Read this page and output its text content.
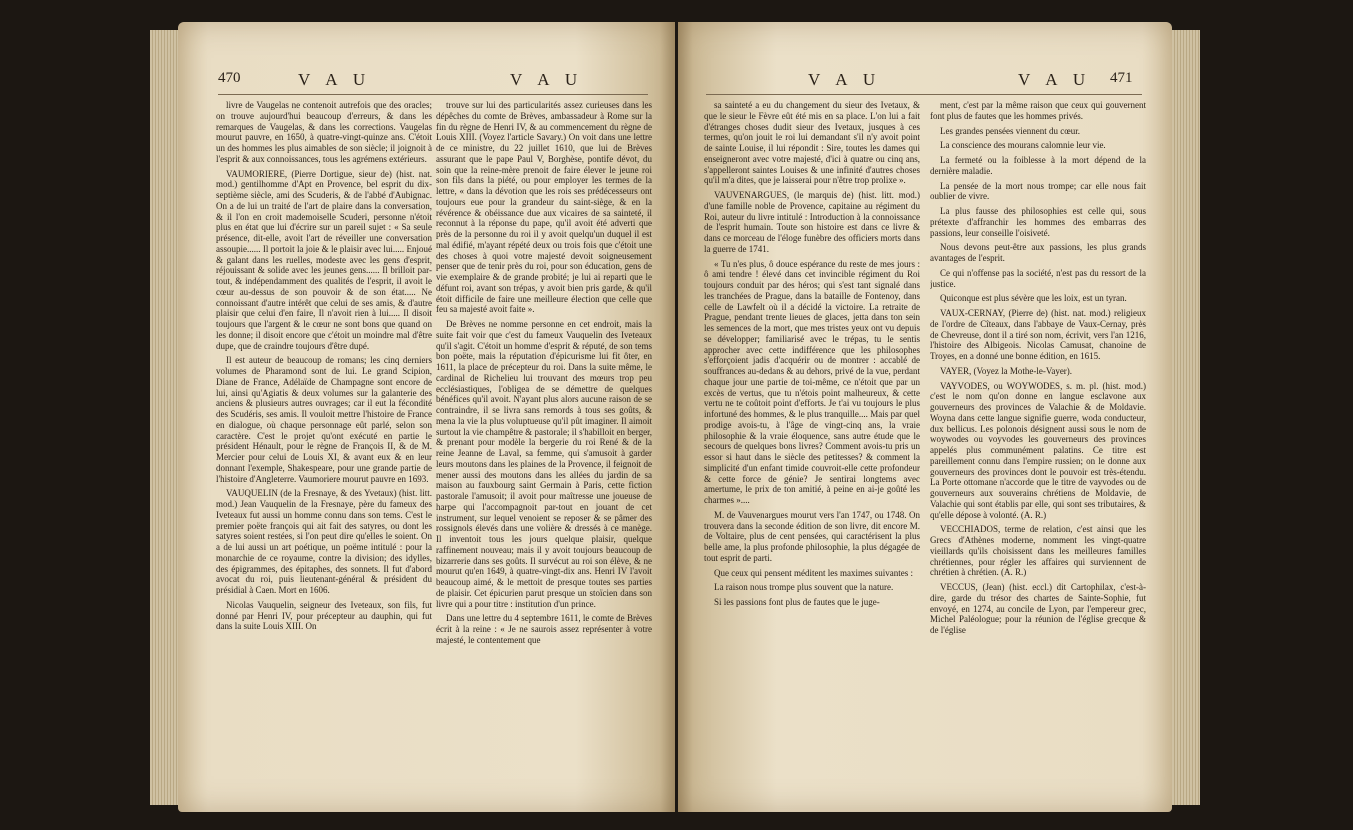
470	V A U	V A U

livre de Vaugelas ne contenoit autrefois que des oracles; on trouve aujourd'hui beaucoup d'erreurs, & dans les remarques de Vaugelas, & dans les corrections. Vaugelas mourut pauvre, en 1650, à quatre-vingt-quinze ans. C'étoit un des hommes les plus aimables de son siècle; il joignoit à l'esprit & aux connoissances, tous les agrémens extérieurs.

VAUMORIERE, (Pierre Dortigue, sieur de) (hist. nat. mod.) gentilhomme d'Apt en Provence, bel esprit du dix-septième siècle, ami des Scuderis, & de l'abbé d'Aubignac. On a de lui un traité de l'art de plaire dans la conversation, & il l'on en croit mademoiselle Scuderi, personne n'étoit plus en état que lui d'écrire sur un pareil sujet : « Sa seule présence, dit-elle, avoit l'art de réveiller une conversation assoupie...... Il portoit la joie & le plaisir avec lui..... Enjoué & galant dans les ruelles, modeste avec les gens d'esprit, réjouissant & solide avec les jeunes gens...... Il brilloit par-tout, & indépendamment des qualités de l'esprit, il avoit le cœur au-dessus de son pouvoir & de son état..... Ne connoissant d'autre intérêt que celui de ses amis, & d'autre plaisir que celui d'en faire, Il n'avoit rien à lui..... Il disoit toujours que l'argent & le cœur ne sont bons que quand on les donne; il disoit encore que c'étoit un moindre mal d'être dupe, que de craindre toujours d'être dupé.

Il est auteur de beaucoup de romans; les cinq derniers volumes de Pharamond sont de lui. Le grand Scipion, Diane de France, Adélaïde de Champagne sont encore de lui, ainsi qu'Agiatis & deux volumes sur la galanterie des anciens & plusieurs autres ouvrages; car il eut la fécondité des Scudéris, ses amis. Il vouloit mettre l'histoire de France en dialogue, où chaque personnage eût parlé, selon son caractère. C'est le projet qu'ont exécuté en partie le président Hénault, pour le règne de François II, & de M. Mercier pour celui de Louis XI, & avant eux & en leur donnant l'exemple, Shakespeare, pour une grande partie de l'histoire d'Angleterre. Vaumoriere mourut pauvre en 1693.

VAUQUELIN (de la Fresnaye, & des Yvetaux) (hist. litt. mod.) Jean Vauquelin de la Fresnaye, père du fameux des Iveteaux fut aussi un homme connu dans son tems. C'est le premier poëte françois qui ait fait des satyres, ou dont les satyres soient restées, si l'on peut dire qu'elles le soient. On a de lui aussi un art poétique, un poëme intitulé : pour la monarchie de ce royaume, contre la division; des idylles, des épigrammes, des épitaphes, des sonnets. Il fut d'abord avocat du roi, puis lieutenant-général & président du présidial à Caen. Mort en 1606.

Nicolas Vauquelin, seigneur des Iveteaux, son fils, fut donné par Henri IV, pour précepteur au dauphin, qui fut dans la suite Louis XIII. On

trouve sur lui des particularités assez curieuses dans les dépêches du comte de Brèves, ambassadeur à Rome sur la fin du règne de Henri IV, & au commencement du règne de Louis XIII. (Voyez l'article Savary.) On voit dans une lettre de ce ministre, du 22 juillet 1610, que lui de Brèves assurant que le pape Paul V, Borghèse, pontife dévot, du soin que la reine-mère prenoit de faire élever le jeune roi son fils dans la piété, ou pour employer les termes de la lettre, « dans la dévotion que les rois ses prédécesseurs ont toujours eue pour la grandeur du saint-siège, & en la révérence & obéissance due aux vicaires de sa sainteté, il reconnut à la réponse du pape, qu'il avoit été adverti que près de la personne du roi il y avoit quelqu'un duquel il est mal édifié, m'ayant répété deux ou trois fois que c'étoit une des choses à quoi votre majesté devoit soigneusement penser que de tenir près du roi, pour son éducation, gens de vie exemplaire & de grande probité; je lui ai reparti que le défunt roi, avant son trépas, y avoit bien pris garde, & qu'il étoit difficile de faire une meilleure élection que celle que feu sa majesté avoit faite ».

De Brèves ne nomme personne en cet endroit, mais la suite fait voir que c'est du fameux Vauquelin des Iveteaux qu'il s'agit. C'étoit un homme d'esprit & réputé, de son tems bon poëte, mais la réputation d'épicurisme lui fit ôter, en 1611, la place de précepteur du roi. Dans la suite même, le cardinal de Richelieu lui trouvant des mœurs trop peu ecclésiastiques, l'obligea de se démettre de quelques bénéfices qu'il avoit. N'ayant plus alors aucune raison de se contraindre, il se livra sans remords à tous ses goûts, & mena la vie la plus voluptueuse qu'il pût imaginer. Il aimoit surtout la vie champêtre & pastorale; il s'habilloit en berger, & prenant pour modèle la bergerie du roi René & de la reine Jeanne de Laval, sa femme, qui s'amusoit à garder leurs moutons dans les plaines de la Provence, il feignoit de mener aussi des moutons dans les allées du jardin de sa maison au fauxbourg saint Germain à Paris, cette fiction pastorale l'amusoit; il avoit pour maîtresse une joueuse de harpe qui l'accompagnoit par-tout en jouant de cet instrument, sur lequel venoient se reposer & se pâmer des rossignols élevés dans une volière & dressés à ce manège. Il inventoit tous les jours quelque plaisir, quelque raffinement nouveau; mais il y avoit toujours beaucoup de bizarrerie dans ses goûts. Il survécut au roi son élève, & ne mourut qu'en 1649, à quatre-vingt-dix ans. Henri IV l'avoit beaucoup aimé, & le mettoit de presque toutes ses parties de plaisir. Cet épicurien parut presque un stoïcien dans son livre qui a pour titre : institution d'un prince.

Dans une lettre du 4 septembre 1611, le comte de Brèves écrit à la reine : « Je ne saurois assez représenter à votre majesté, le contentement que

V A U	V A U 471

sa sainteté a eu du changement du sieur des Ivetaux, & que le sieur le Fèvre eût été mis en sa place. L'on lui a fait d'étranges choses dudit sieur des Ivetaux, jusques à ces termes, qu'on jouit le roi lui demandant s'il n'y avoit point de sainte Louise, il lui répondit : Sire, toutes les dames qui enseigneront avec votre majesté, d'ici à quatre ou cinq ans, s'appelleront saintes Louises & une infinité d'autres choses qu'il m'a dites, que je laisserai pour n'être trop prolixe ».

VAUVENARGUES, (le marquis de) (hist. litt. mod.) d'une famille noble de Provence, capitaine au régiment du Roi, auteur du livre intitulé : Introduction à la connoissance de l'esprit humain. Toute son histoire est dans ce livre & dans ce morceau de l'éloge funèbre des officiers morts dans la guerre de 1741.

« Tu n'es plus, ô douce espérance du reste de mes jours : ô ami tendre ! élevé dans cet invincible régiment du Roi toujours conduit par des héros; qui s'est tant signalé dans les tranchées de Prague, dans la bataille de Fontenoy, dans celle de Lawfelt où il a décidé la victoire. La retraite de Prague, pendant trente lieues de glaces, jetta dans ton sein les semences de la mort, que mes tristes yeux ont vu depuis se développer; familiarisé avec le trépas, tu le sentis approcher avec cette indifférence que les philosophes s'efforçoient jadis d'acquérir ou de montrer : accablé de souffrances au-dedans & au dehors, privé de la vue, perdant chaque jour une partie de toi-même, ce n'étoit que par un excès de vertus, que tu n'étois point malheureux, & cette vertu ne te coûtoit point d'efforts. Je t'ai vu toujours le plus infortuné des hommes, & le plus tranquille.... Mais par quel prodige avois-tu, à l'âge de vingt-cinq ans, la vraie philosophie & la vraie éloquence, sans autre étude que le secours de quelques bons livres? Comment avois-tu pris un essor si haut dans le siècle des petitesses? & comment la simplicité d'un enfant timide couvroit-elle cette profondeur & cette force de génie? Je sentirai longtems avec amertume, le prix de ton amitié, à peine en ai-je goûté les charmes »....

M. de Vauvenargues mourut vers l'an 1747, ou 1748. On trouvera dans la seconde édition de son livre, dit encore M. de Voltaire, plus de cent pensées, qui caractérisent la plus belle ame, la plus profonde philosophie, la plus dégagée de tout esprit de parti.

Que ceux qui pensent méditent les maximes suivantes :

La raison nous trompe plus souvent que la nature.

Si les passions font plus de fautes que le juge-

ment, c'est par la même raison que ceux qui gouvernent font plus de fautes que les hommes privés.

Les grandes pensées viennent du cœur.

La conscience des mourans calomnie leur vie.

La fermeté ou la foiblesse à la mort dépend de la dernière maladie.

La pensée de la mort nous trompe; car elle nous fait oublier de vivre.

La plus fausse des philosophies est celle qui, sous prétexte d'affranchir les hommes des embarras des passions, leur conseille l'oisiveté.

Nous devons peut-être aux passions, les plus grands avantages de l'esprit.

Ce qui n'offense pas la société, n'est pas du ressort de la justice.

Quiconque est plus sévère que les loix, est un tyran.

VAUX-CERNAY, (Pierre de) (hist. nat. mod.) religieux de l'ordre de Cîteaux, dans l'abbaye de Vaux-Cernay, près de Chevreuse, dont il a tiré son nom, écrivit, vers l'an 1216, l'histoire des Albigeois. Nicolas Camusat, chanoine de Troyes, en a donné une bonne édition, en 1615.

VAYER, (Voyez la Mothe-le-Vayer).

VAYVODES, ou WOYWODES, s. m. pl. (hist. mod.) c'est le nom qu'on donne en langue esclavone aux gouverneurs des provinces de Valachie & de Moldavie. Woyna dans cette langue signifie guerre, woda conducteur, dux bellicus. Les polonois désignent aussi sous le nom de woywodes ou voyvodes les gouverneurs des provinces appelés plus communément palatins. Ce titre est pareillement connu dans l'empire russien; on le donne aux gouverneurs des provinces dont le pouvoir est très-étendu. La Porte ottomane n'accorde que le titre de vayvodes ou de gouverneurs aux souverains chrétiens de Moldavie, de Valachie qui sont établis par elle, qui sont ses tributaires, & qu'elle dépose à volonté. (A. R.)

VECCHIADOS, terme de relation, c'est ainsi que les Grecs d'Athènes moderne, nomment les vingt-quatre vieillards qu'ils choisissent dans les meilleures familles chrétiennes, pour régler les affaires qui surviennent de chrétien à chrétien. (A. R.)

VECCUS, (Jean) (hist. eccl.) dit Cartophilax, c'est-à-dire, garde du trésor des chartes de Sainte-Sophie, fut envoyé, en 1274, au concile de Lyon, par l'empereur grec, Michel Paléologue; pour la réunion de l'église grecque & de l'église
